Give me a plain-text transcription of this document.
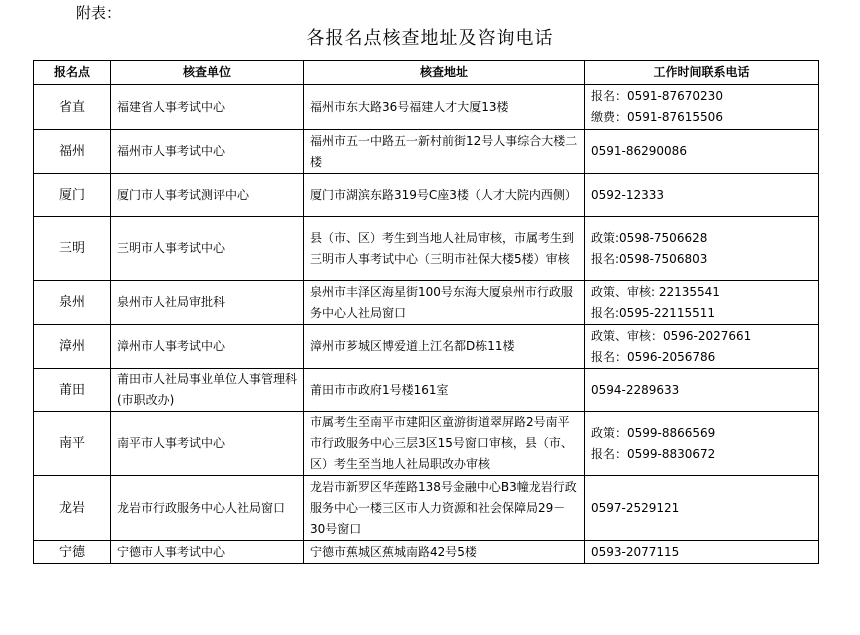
附表：
各报名点核查地址及咨询电话
报名点	核查单位	核查地址	工作时间联系电话
省直	福建省人事考试中心	福州市东大路36号福建人才大厦13楼	报名：0591-87670230
缴费：0591-87615506

福州	福州市人事考试中心	福州市五一中路五一新村前街12号人事综合大楼二楼	0591-86290086

厦门	厦门市人事考试测评中心	厦门市湖滨东路319号C座3楼（人才大院内西侧）	0592-12333

三明	三明市人事考试中心	县（市、区）考生到当地人社局审核，市属考生到三明市人事考试中心（三明市社保大楼5楼）审核	政策:0598-7506628
报名:0598-7506803

泉州	泉州市人社局审批科	泉州市丰泽区海星街100号东海大厦泉州市行政服务中心人社局窗口	政策、审核: 22135541
报名:0595-22115511

漳州	漳州市人事考试中心	漳州市芗城区博爱道上江名都D栋11楼	政策、审核：0596-2027661
报名：0596-2056786

莆田	莆田市人社局事业单位人事管理科(市职改办)	莆田市市政府1号楼161室	0594-2289633

南平	南平市人事考试中心	市属考生至南平市建阳区童游街道翠屏路2号南平市行政服务中心三层3区15号窗口审核，县（市、区）考生至当地人社局职改办审核	政策：0599-8866569
报名：0599-8830672

龙岩	龙岩市行政服务中心人社局窗口	龙岩市新罗区华莲路138号金融中心B3幢龙岩行政服务中心一楼三区市人力资源和社会保障局29－30号窗口	0597-2529121

宁德	宁德市人事考试中心	宁德市蕉城区蕉城南路42号5楼	0593-2077115
